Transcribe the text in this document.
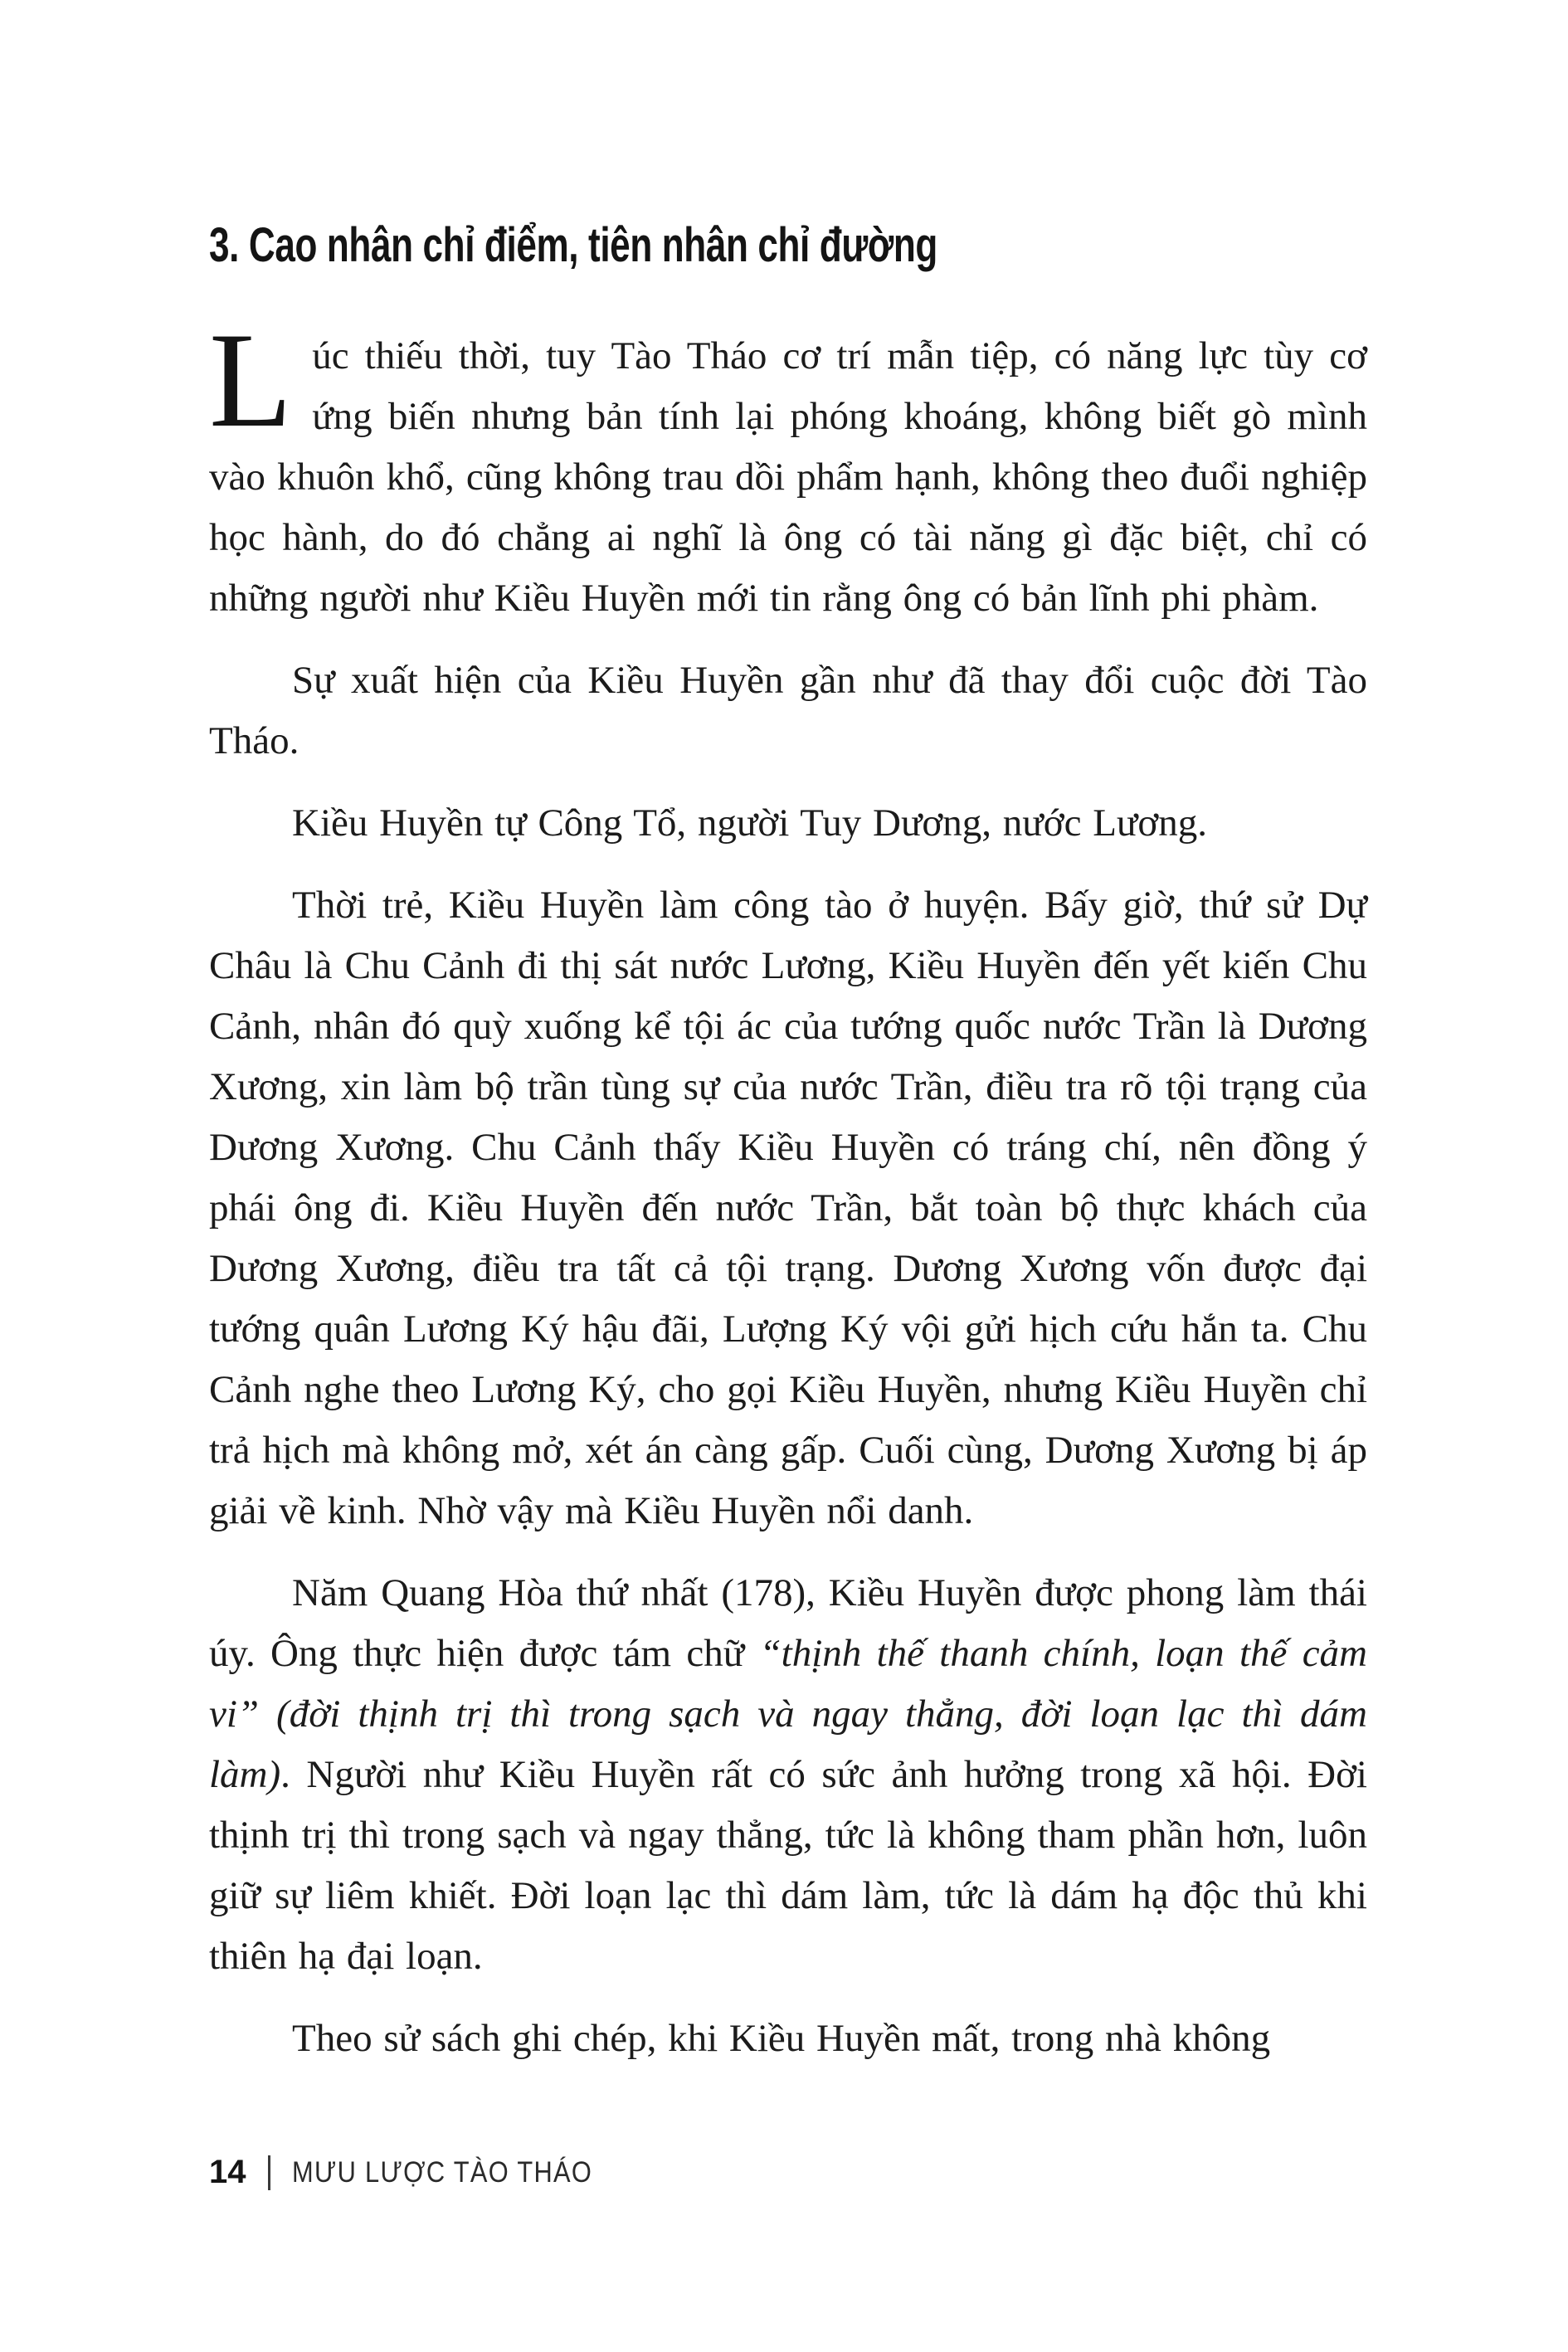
3. Cao nhân chỉ điểm, tiên nhân chỉ đường

Lúc thiếu thời, tuy Tào Tháo cơ trí mẫn tiệp, có năng lực tùy cơ ứng biến nhưng bản tính lại phóng khoáng, không biết gò mình vào khuôn khổ, cũng không trau dồi phẩm hạnh, không theo đuổi nghiệp học hành, do đó chẳng ai nghĩ là ông có tài năng gì đặc biệt, chỉ có những người như Kiều Huyền mới tin rằng ông có bản lĩnh phi phàm.

Sự xuất hiện của Kiều Huyền gần như đã thay đổi cuộc đời Tào Tháo.

Kiều Huyền tự Công Tổ, người Tuy Dương, nước Lương.

Thời trẻ, Kiều Huyền làm công tào ở huyện. Bấy giờ, thứ sử Dự Châu là Chu Cảnh đi thị sát nước Lương, Kiều Huyền đến yết kiến Chu Cảnh, nhân đó quỳ xuống kể tội ác của tướng quốc nước Trần là Dương Xương, xin làm bộ trần tùng sự của nước Trần, điều tra rõ tội trạng của Dương Xương. Chu Cảnh thấy Kiều Huyền có tráng chí, nên đồng ý phái ông đi. Kiều Huyền đến nước Trần, bắt toàn bộ thực khách của Dương Xương, điều tra tất cả tội trạng. Dương Xương vốn được đại tướng quân Lương Ký hậu đãi, Lượng Ký vội gửi hịch cứu hắn ta. Chu Cảnh nghe theo Lương Ký, cho gọi Kiều Huyền, nhưng Kiều Huyền chỉ trả hịch mà không mở, xét án càng gấp. Cuối cùng, Dương Xương bị áp giải về kinh. Nhờ vậy mà Kiều Huyền nổi danh.

Năm Quang Hòa thứ nhất (178), Kiều Huyền được phong làm thái úy. Ông thực hiện được tám chữ “thịnh thế thanh chính, loạn thế cảm vi” (đời thịnh trị thì trong sạch và ngay thẳng, đời loạn lạc thì dám làm). Người như Kiều Huyền rất có sức ảnh hưởng trong xã hội. Đời thịnh trị thì trong sạch và ngay thẳng, tức là không tham phần hơn, luôn giữ sự liêm khiết. Đời loạn lạc thì dám làm, tức là dám hạ độc thủ khi thiên hạ đại loạn.

Theo sử sách ghi chép, khi Kiều Huyền mất, trong nhà không

14 MƯU LƯỢC TÀO THÁO
